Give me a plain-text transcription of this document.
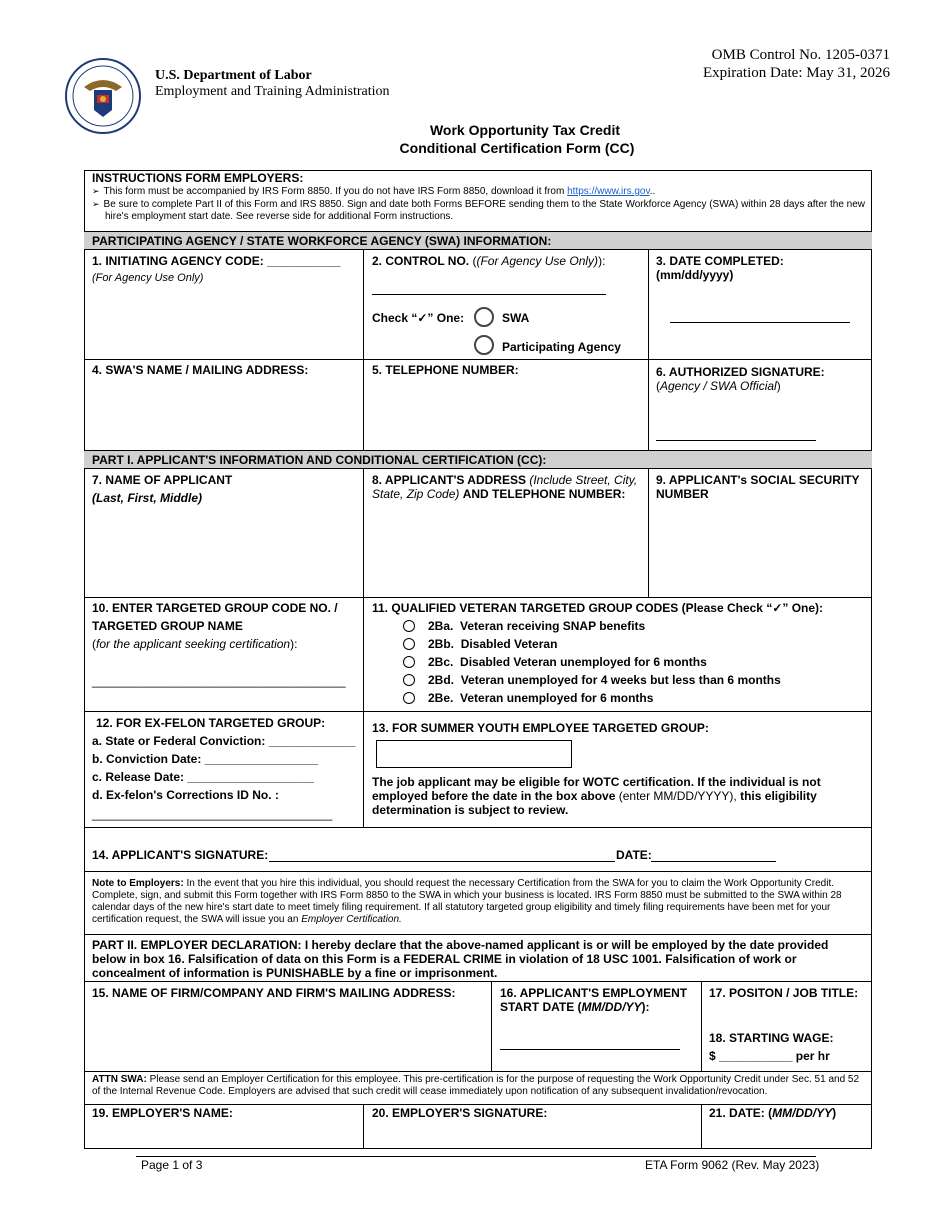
U.S. Department of Labor
Employment and Training Administration
OMB Control No. 1205-0371
Expiration Date: May 31, 2026
Work Opportunity Tax Credit
Conditional Certification Form (CC)
INSTRUCTIONS FORM EMPLOYERS:
➢ This form must be accompanied by IRS Form 8850. If you do not have IRS Form 8850, download it from https://www.irs.gov..
➢ Be sure to complete Part II of this Form and IRS 8850. Sign and date both Forms BEFORE sending them to the State Workforce Agency (SWA) within 28 days after the new hire's employment start date. See reverse side for additional Form instructions.
PARTICIPATING AGENCY / STATE WORKFORCE AGENCY (SWA) INFORMATION:
1. INITIATING AGENCY CODE: ___________
(For Agency Use Only)
2. CONTROL NO. ((For Agency Use Only)):
Check “✓” One:	SWA
Participating Agency
3. DATE COMPLETED:
(mm/dd/yyyy)
4. SWA'S NAME / MAILING ADDRESS:	5. TELEPHONE NUMBER:	6. AUTHORIZED SIGNATURE:
(Agency / SWA Official)
PART I. APPLICANT'S INFORMATION AND CONDITIONAL CERTIFICATION (CC):
7. NAME OF APPLICANT
(Last, First, Middle)
8. APPLICANT'S ADDRESS (Include Street, City, State, Zip Code) AND TELEPHONE NUMBER:
9. APPLICANT's SOCIAL SECURITY NUMBER
10. ENTER TARGETED GROUP CODE NO. /
TARGETED GROUP NAME
(for the applicant seeking certification):
______________________________________
11. QUALIFIED VETERAN TARGETED GROUP CODES (Please Check “✓” One):
2Ba. Veteran receiving SNAP benefits
2Bb. Disabled Veteran
2Bc. Disabled Veteran unemployed for 6 months
2Bd. Veteran unemployed for 4 weeks but less than 6 months
2Be. Veteran unemployed for 6 months
12. FOR EX-FELON TARGETED GROUP:
a. State or Federal Conviction: _____________
b. Conviction Date: _________________
c. Release Date: ___________________
d. Ex-felon's Corrections ID No. :
____________________________________
13. FOR SUMMER YOUTH EMPLOYEE TARGETED GROUP:
The job applicant may be eligible for WOTC certification. If the individual is not employed before the date in the box above (enter MM/DD/YYYY), this eligibility determination is subject to review.
14. APPLICANT'S SIGNATURE:	DATE:
Note to Employers: In the event that you hire this individual, you should request the necessary Certification from the SWA for you to claim the Work Opportunity Credit. Complete, sign, and submit this Form together with IRS Form 8850 to the SWA in which your business is located. IRS Form 8850 must be submitted to the SWA within 28 calendar days of the new hire's start date to meet timely filing requirement. If all statutory targeted group eligibility and timely filing requirements have been met for your certification request, the SWA will issue you an Employer Certification.
PART II. EMPLOYER DECLARATION: I hereby declare that the above-named applicant is or will be employed by the date provided below in box 16. Falsification of data on this Form is a FEDERAL CRIME in violation of 18 USC 1001. Falsification of work or concealment of information is PUNISHABLE by a fine or imprisonment.
15. NAME OF FIRM/COMPANY AND FIRM'S MAILING ADDRESS:	16. APPLICANT'S EMPLOYMENT START DATE (MM/DD/YY):
17. POSITON / JOB TITLE:
18. STARTING WAGE:
$ ___________ per hr
ATTN SWA: Please send an Employer Certification for this employee. This pre-certification is for the purpose of requesting the Work Opportunity Credit under Sec. 51 and 52 of the Internal Revenue Code. Employers are advised that such credit will cease immediately upon notification of any subsequent invalidation/revocation.
19. EMPLOYER'S NAME:	20. EMPLOYER'S SIGNATURE:	21. DATE: (MM/DD/YY)
Page 1 of 3	ETA Form 9062 (Rev. May 2023)
